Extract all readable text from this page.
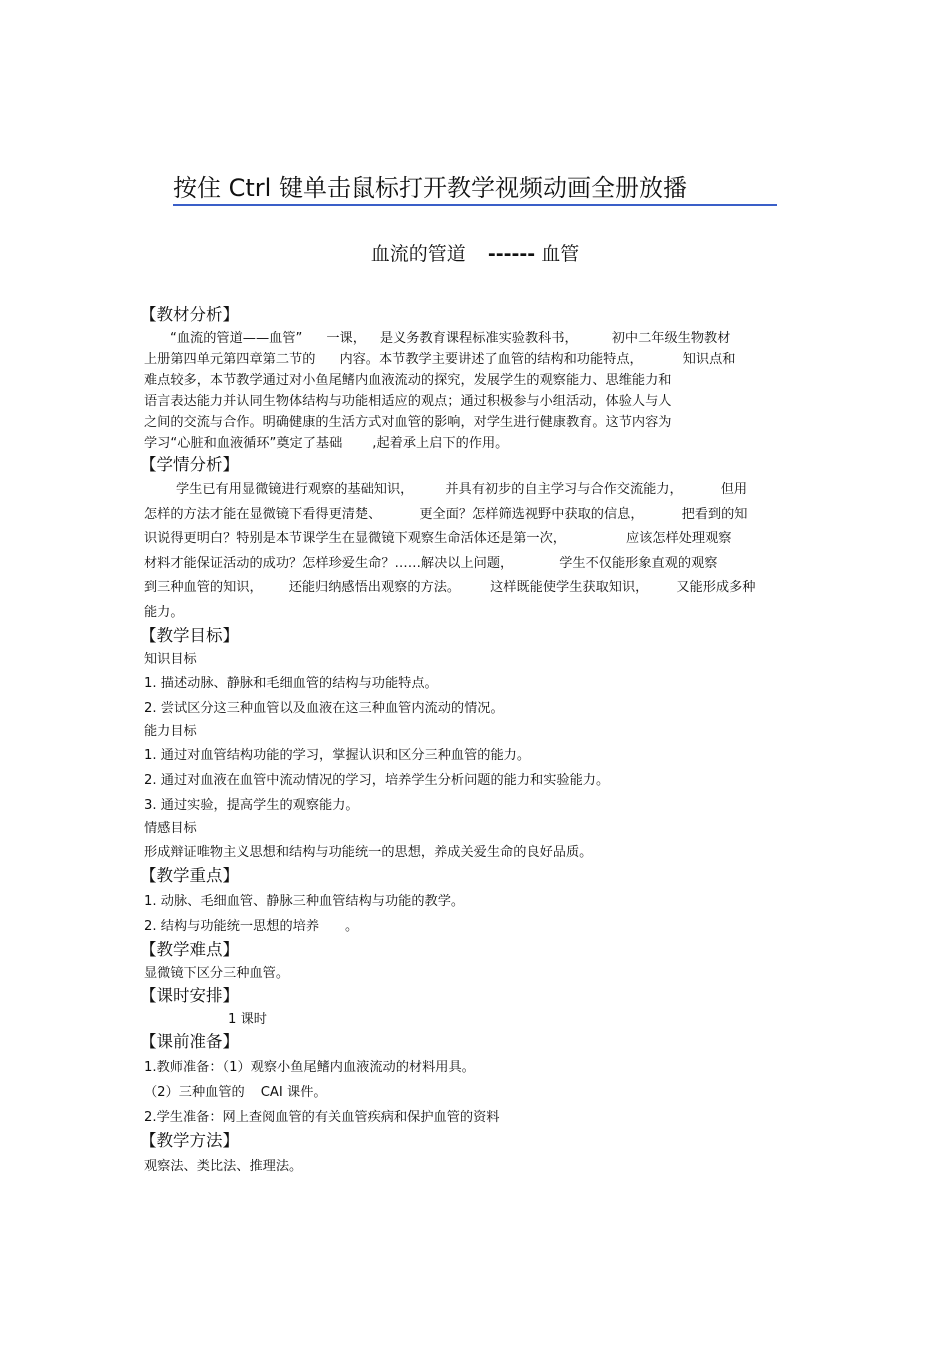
按住 Ctrl 键单击鼠标打开教学视频动画全册放播
血流的管道 ------ 血管
【教材分析】
“血流的管道——血管” 一课， 是义务教育课程标准实验教科书，	初中二年级生物教材
上册第四单元第四章第二节的 内容。本节教学主要讲述了血管的结构和功能特点，	知识点和
难点较多，本节教学通过对小鱼尾鳍内血液流动的探究，发展学生的观察能力、思维能力和
语言表达能力并认同生物体结构与功能相适应的观点；通过积极参与小组活动，体验人与人
之间的交流与合作。明确健康的生活方式对血管的影响，对学生进行健康教育。这节内容为
学习“心脏和血液循环”奠定了基础 ,起着承上启下的作用。
【学情分析】
学生已有用显微镜进行观察的基础知识， 并具有初步的自主学习与合作交流能力，	但用
怎样的方法才能在显微镜下看得更清楚、	更全面？怎样筛选视野中获取的信息，	把看到的知
识说得更明白？特别是本节课学生在显微镜下观察生命活体还是第一次，	应该怎样处理观察
材料才能保证活动的成功？怎样珍爱生命？……解决以上问题，	学生不仅能形象直观的观察
到三种血管的知识， 还能归纳感悟出观察的方法。 这样既能使学生获取知识， 又能形成多种
能力。
【教学目标】
知识目标
1. 描述动脉、静脉和毛细血管的结构与功能特点。
2. 尝试区分这三种血管以及血液在这三种血管内流动的情况。
能力目标
1. 通过对血管结构功能的学习，掌握认识和区分三种血管的能力。
2. 通过对血液在血管中流动情况的学习，培养学生分析问题的能力和实验能力。
3. 通过实验，提高学生的观察能力。
情感目标
形成辩证唯物主义思想和结构与功能统一的思想，养成关爱生命的良好品质。
【教学重点】
1. 动脉、毛细血管、静脉三种血管结构与功能的教学。
2. 结构与功能统一思想的培养 。
【教学难点】
显微镜下区分三种血管。
【课时安排】
1 课时
【课前准备】
1.教师准备：（1）观察小鱼尾鳍内血液流动的材料用具。
（2）三种血管的 CAI 课件。
2.学生准备：网上查阅血管的有关血管疾病和保护血管的资料
【教学方法】
观察法、类比法、推理法。
